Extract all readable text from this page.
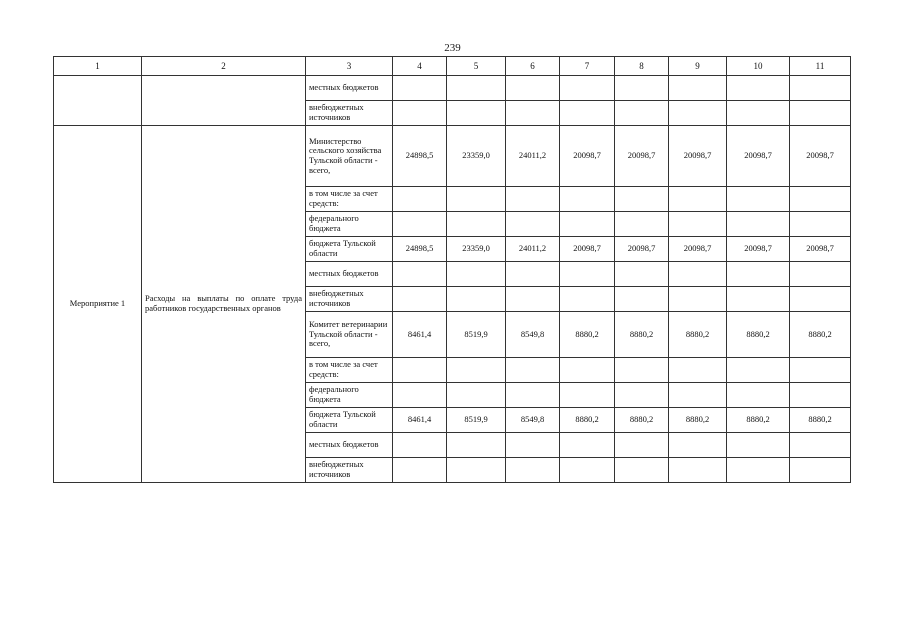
239
1	2	3	4	5	6	7	8	9	10	11
		местных бюджетов								
		внебюджетных источников								
Мероприятие 1	Расходы на выплаты по оплате труда работников государственных органов	Министерство сельского хозяйства Тульской области - всего,	24898,5	23359,0	24011,2	20098,7	20098,7	20098,7	20098,7	20098,7
		в том числе за счет средств:								
		федерального бюджета								
		бюджета Тульской области	24898,5	23359,0	24011,2	20098,7	20098,7	20098,7	20098,7	20098,7
		местных бюджетов								
		внебюджетных источников								
		Комитет ветеринарии Тульской области - всего,	8461,4	8519,9	8549,8	8880,2	8880,2	8880,2	8880,2	8880,2
		в том числе за счет средств:								
		федерального бюджета								
		бюджета Тульской области	8461,4	8519,9	8549,8	8880,2	8880,2	8880,2	8880,2	8880,2
		местных бюджетов								
		внебюджетных источников								
